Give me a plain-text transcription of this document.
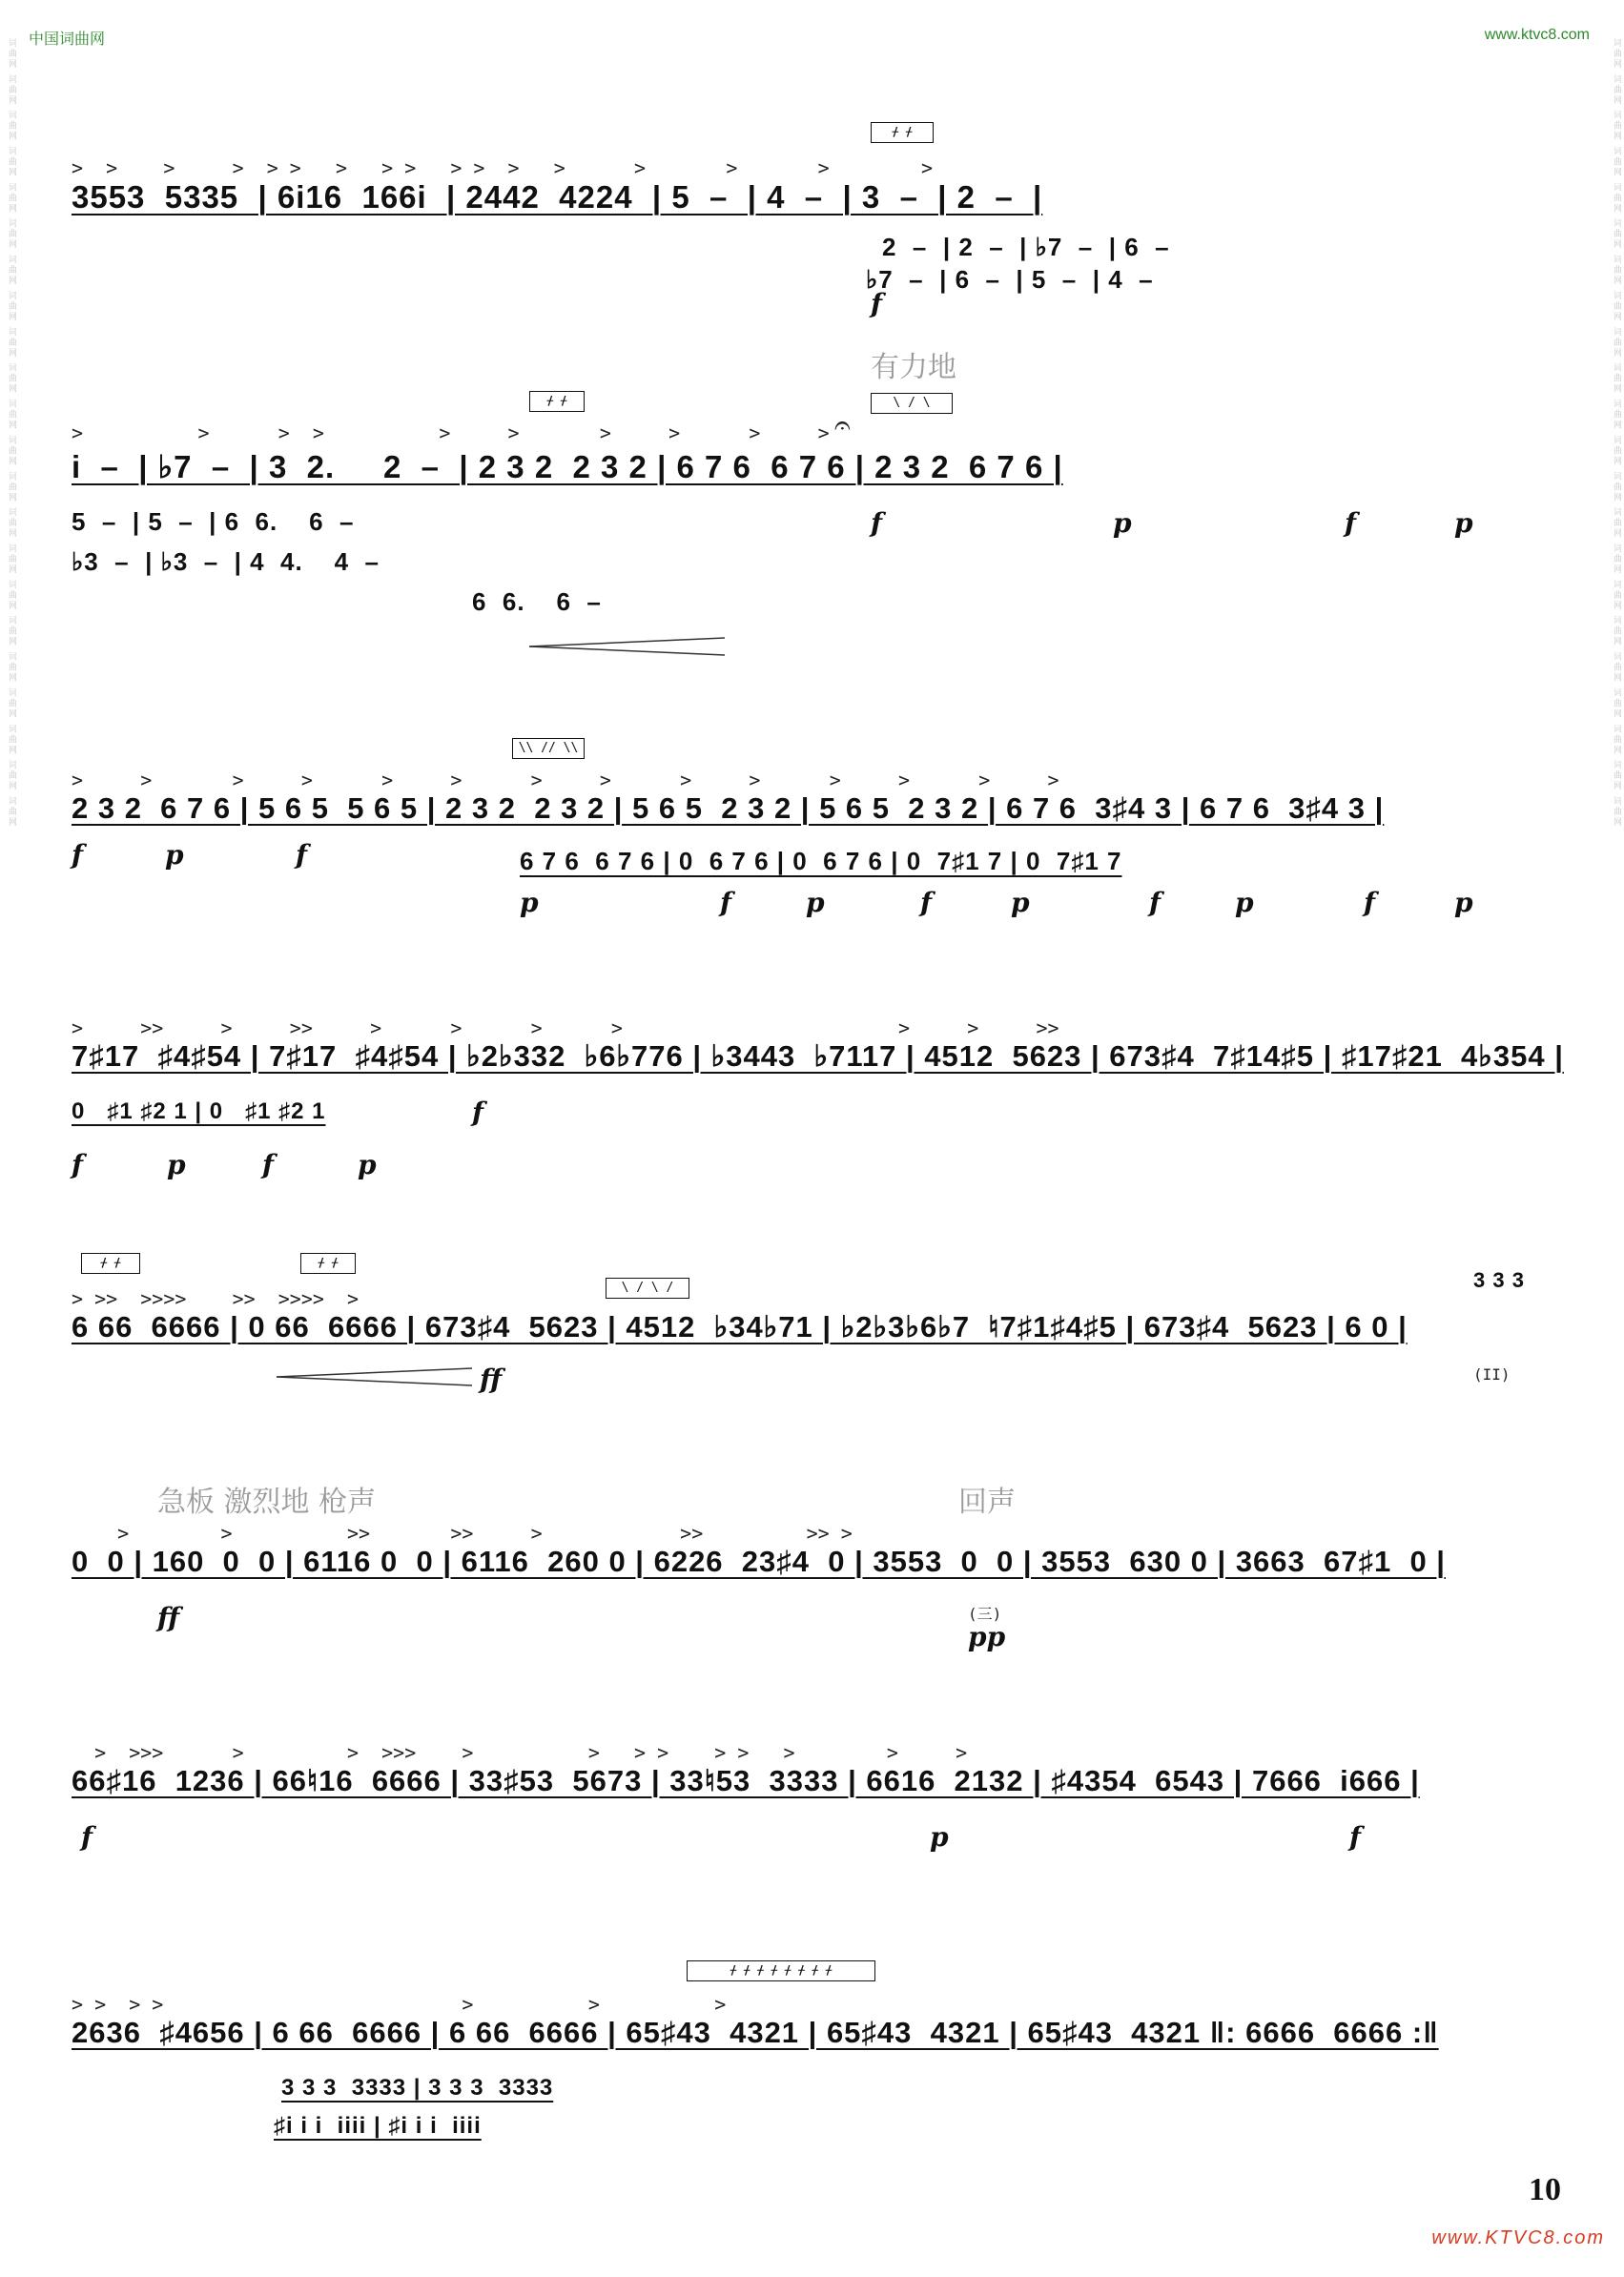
中国词曲网	www.ktvc8.com
词曲网 词曲网 词曲网 词曲网 词曲网 词曲网 词曲网 词曲网 词曲网 词曲网 词曲网 词曲网 词曲网 词曲网 词曲网 词曲网 词曲网 词曲网 词曲网 词曲网 词曲网 词曲网	词曲网 词曲网 词曲网 词曲网 词曲网 词曲网 词曲网 词曲网 词曲网 词曲网 词曲网 词曲网 词曲网 词曲网 词曲网 词曲网 词曲网 词曲网 词曲网 词曲网 词曲网 词曲网
ᚋ ᚋ
>  >    >     >  > >   >   > >   > >  >   >      >       >       >        >
3553  5335  | 6i16  166i  | 2442  4224  | 5  –  | 4  –  | 3  –  | 2  –  |
2  –  | 2  –  | ♭7  –  | 6  –
♭7  –  | 6  –  | 5  –  | 4  –
f
有力地
\ / \
ᚋ ᚋ
>          >      >  >          >     >       >     >      >     >
i  –  | ♭7  –  | 3  2.     2  –  | 2 3 2  2 3 2 | 6 7 6  6 7 6 | 2 3 2  6 7 6 |
5  –  | 5  –  | 6  6.    6  –
♭3  –  | ♭3  –  | 4  4.    4  –
6  6.    6  –
𝄐
f	p	f	p
\\ // \\
>     >       >     >      >     >      >     >      >     >      >     >      >     >
2 3 2  6 7 6 | 5 6 5  5 6 5 | 2 3 2  2 3 2 | 5 6 5  2 3 2 | 5 6 5  2 3 2 | 6 7 6  3♯4 3 | 6 7 6  3♯4 3 |
6 7 6  6 7 6 | 0  6 7 6 | 0  6 7 6 | 0  7♯1 7 | 0  7♯1 7
f	p	f
p	f	p	f	p	f	p	f	p
>     >>     >     >>     >      >      >      >                        >     >     >>
7♯17  ♯4♯54 | 7♯17  ♯4♯54 | ♭2♭332  ♭6♭776 | ♭3443  ♭7117 | 4512  5623 | 673♯4  7♯14♯5 | ♯17♯21  4♭354 |
0   ♯1 ♯2 1 | 0   ♯1 ♯2 1
f	p	f	p
f
ᚋ ᚋ	ᚋ ᚋ
\ / \ /
> >>  >>>>    >>  >>>>  >
6 66  6666 | 0 66  6666 | 673♯4  5623 | 4512  ♭34♭71 | ♭2♭3♭6♭7  ♮7♯1♯4♯5 | 673♯4  5623 | 6 0 |
3 3 3
(II)
ff
急板 激烈地 枪声	回声
>        >          >>       >>     >            >>         >> >
0  0 | 160  0  0 | 6116 0  0 | 6116  260 0 | 6226  23♯4  0 | 3553  0  0 | 3553  630 0 | 3663  67♯1  0 |
(三)
ff
pp
>  >>>      >         >  >>>    >          >   > >    > >   >        >     >
66♯16  1236 | 66♮16  6666 | 33♯53  5673 | 33♮53  3333 | 6616  2132 | ♯4354  6543 | 7666  i666 |
f	p	f
ᚋ ᚋ ᚋ ᚋ ᚋ ᚋ ᚋ ᚋ
> >  > >                          >          >          >
2636  ♯4656 | 6 66  6666 | 6 66  6666 | 65♯43  4321 | 65♯43  4321 | 65♯43  4321 ‖: 6666  6666 :‖
3 3 3  3333 | 3 3 3  3333
♯i i i  iiii | ♯i i i  iiii
10
www.KTVC8.com
